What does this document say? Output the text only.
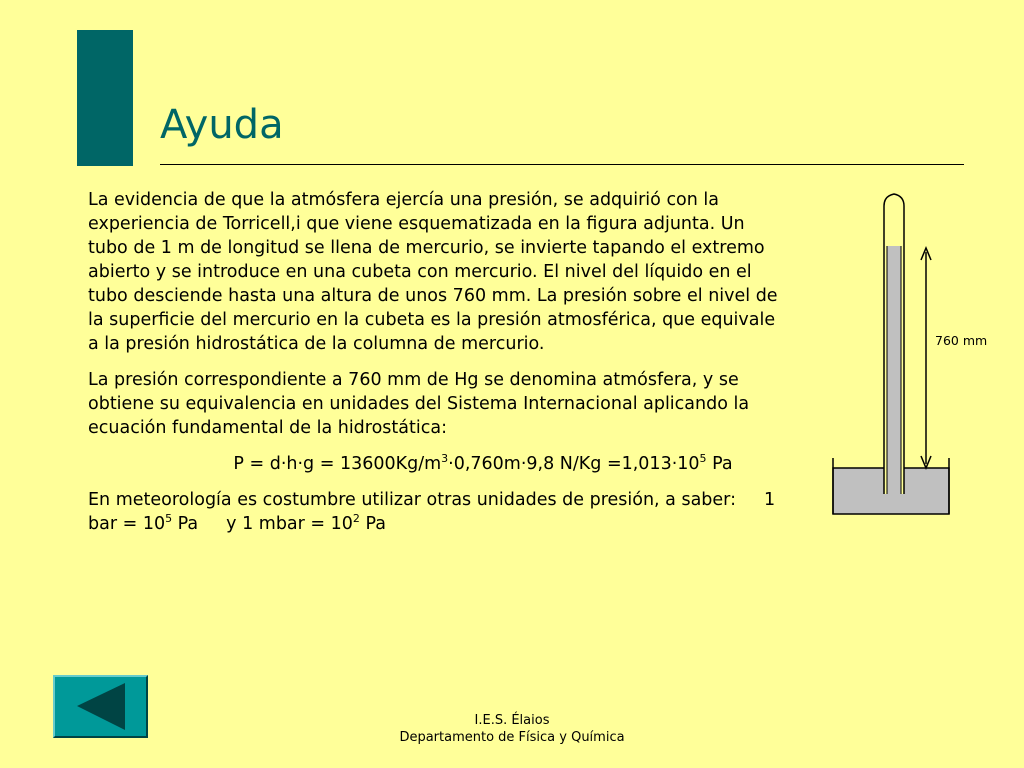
Ayuda

La evidencia de que la atmósfera ejercía una presión, se adquirió con la experiencia de Torricell,i que viene esquematizada en la figura adjunta. Un tubo de 1 m de longitud se llena de mercurio, se invierte tapando el extremo abierto y se introduce en una cubeta con mercurio. El nivel del líquido en el tubo desciende hasta una altura de unos 760 mm. La presión sobre el nivel de la superficie del mercurio en la cubeta es la presión atmosférica, que equivale a la presión hidrostática de la columna de mercurio.

La presión correspondiente a 760 mm de Hg se denomina atmósfera, y se obtiene su equivalencia en unidades del Sistema Internacional aplicando la ecuación fundamental de la hidrostática:

$P = d\cdot h\cdot g = 13600Kg/m^3\cdot 0,760m\cdot 9,8$ $N/Kg =1,013\cdot 10^5$ Pa

En meteorología es costumbre utilizar otras unidades de presión, a saber: 1 bar = $10^5$ Pa y 1 mbar = $10^2$ Pa

760 mm
I.E.S. Élaios
Departamento de Física y Química
